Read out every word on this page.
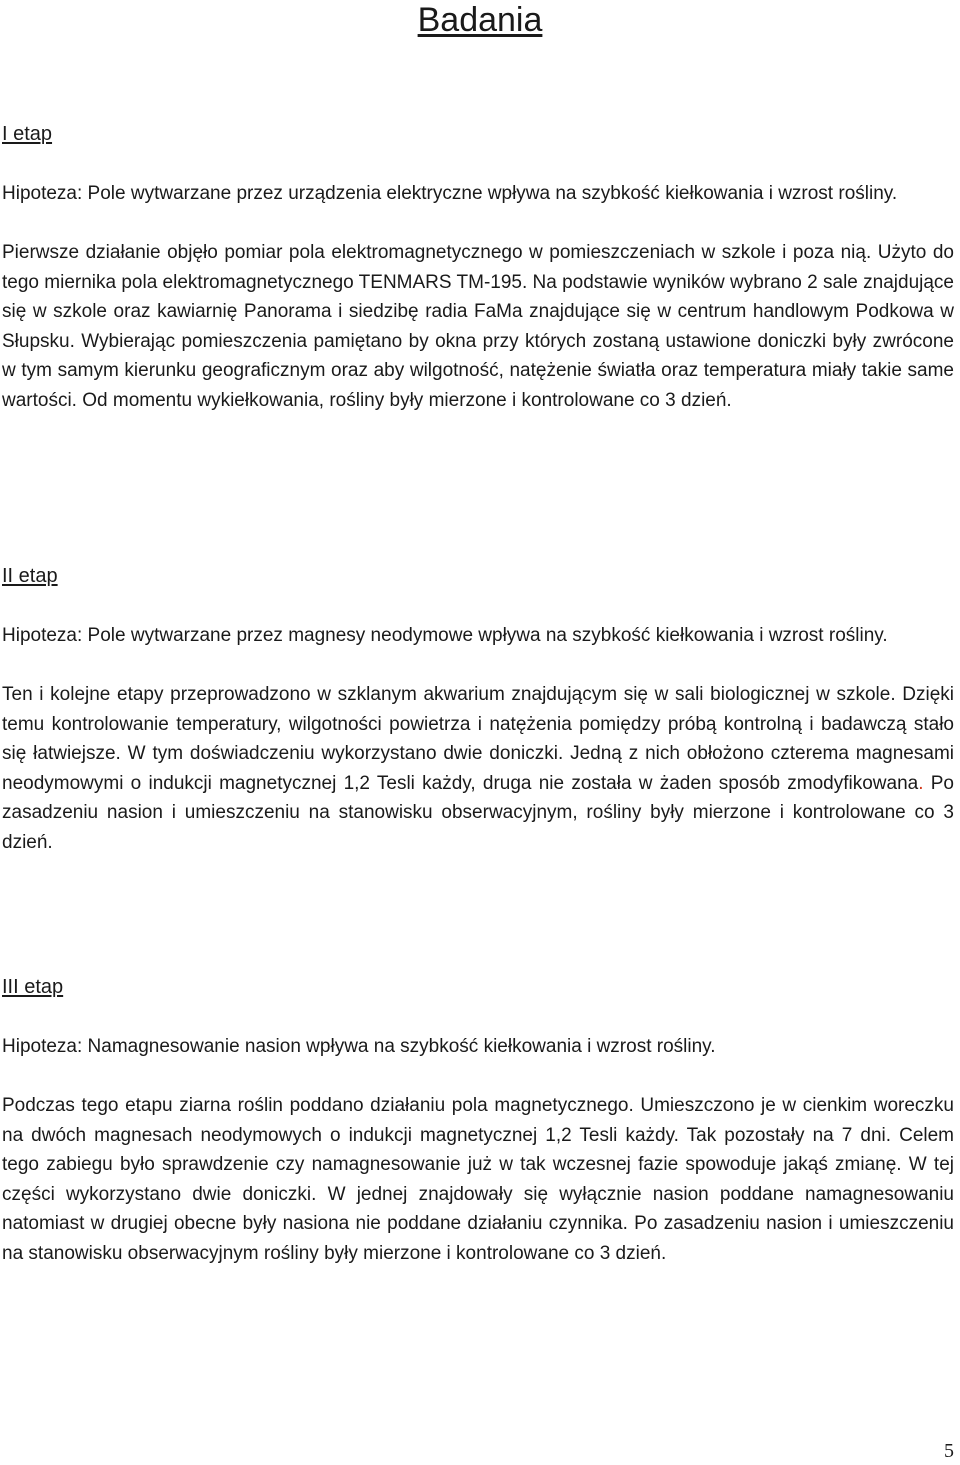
Badania

I etap

Hipoteza: Pole wytwarzane przez urządzenia elektryczne wpływa na szybkość kiełkowania i wzrost rośliny.

Pierwsze działanie objęło pomiar pola elektromagnetycznego w pomieszczeniach w szkole i poza nią. Użyto do tego miernika pola elektromagnetycznego TENMARS TM-195. Na podstawie wyników wybrano 2 sale znajdujące się w szkole oraz kawiarnię Panorama i siedzibę radia FaMa znajdujące się w centrum handlowym Podkowa w Słupsku. Wybierając pomieszczenia pamiętano by okna przy których zostaną ustawione doniczki były zwrócone w tym samym kierunku geograficznym oraz aby wilgotność, natężenie światła oraz temperatura miały takie same wartości. Od momentu wykiełkowania, rośliny były mierzone i kontrolowane co 3 dzień.

II etap

Hipoteza: Pole wytwarzane przez magnesy neodymowe wpływa na szybkość kiełkowania i wzrost rośliny.

Ten i kolejne etapy przeprowadzono w szklanym akwarium znajdującym się w sali biologicznej w szkole. Dzięki temu kontrolowanie temperatury, wilgotności powietrza i natężenia pomiędzy próbą kontrolną i badawczą stało się łatwiejsze. W tym doświadczeniu wykorzystano dwie doniczki. Jedną z nich obłożono czterema magnesami neodymowymi o indukcji magnetycznej 1,2 Tesli każdy, druga nie została w żaden sposób zmodyfikowana. Po zasadzeniu nasion i umieszczeniu na stanowisku obserwacyjnym, rośliny były mierzone i kontrolowane co 3 dzień.

III etap

Hipoteza: Namagnesowanie nasion wpływa na szybkość kiełkowania i wzrost rośliny.

Podczas tego etapu ziarna roślin poddano działaniu pola magnetycznego. Umieszczono je w cienkim woreczku na dwóch magnesach neodymowych o indukcji magnetycznej 1,2 Tesli każdy. Tak pozostały na 7 dni. Celem tego zabiegu było sprawdzenie czy namagnesowanie już w tak wczesnej fazie spowoduje jakąś zmianę. W tej części wykorzystano dwie doniczki. W jednej znajdowały się wyłącznie nasion poddane namagnesowaniu natomiast w drugiej obecne były nasiona nie poddane działaniu czynnika. Po zasadzeniu nasion i umieszczeniu na stanowisku obserwacyjnym rośliny były mierzone i kontrolowane co 3 dzień.

5
